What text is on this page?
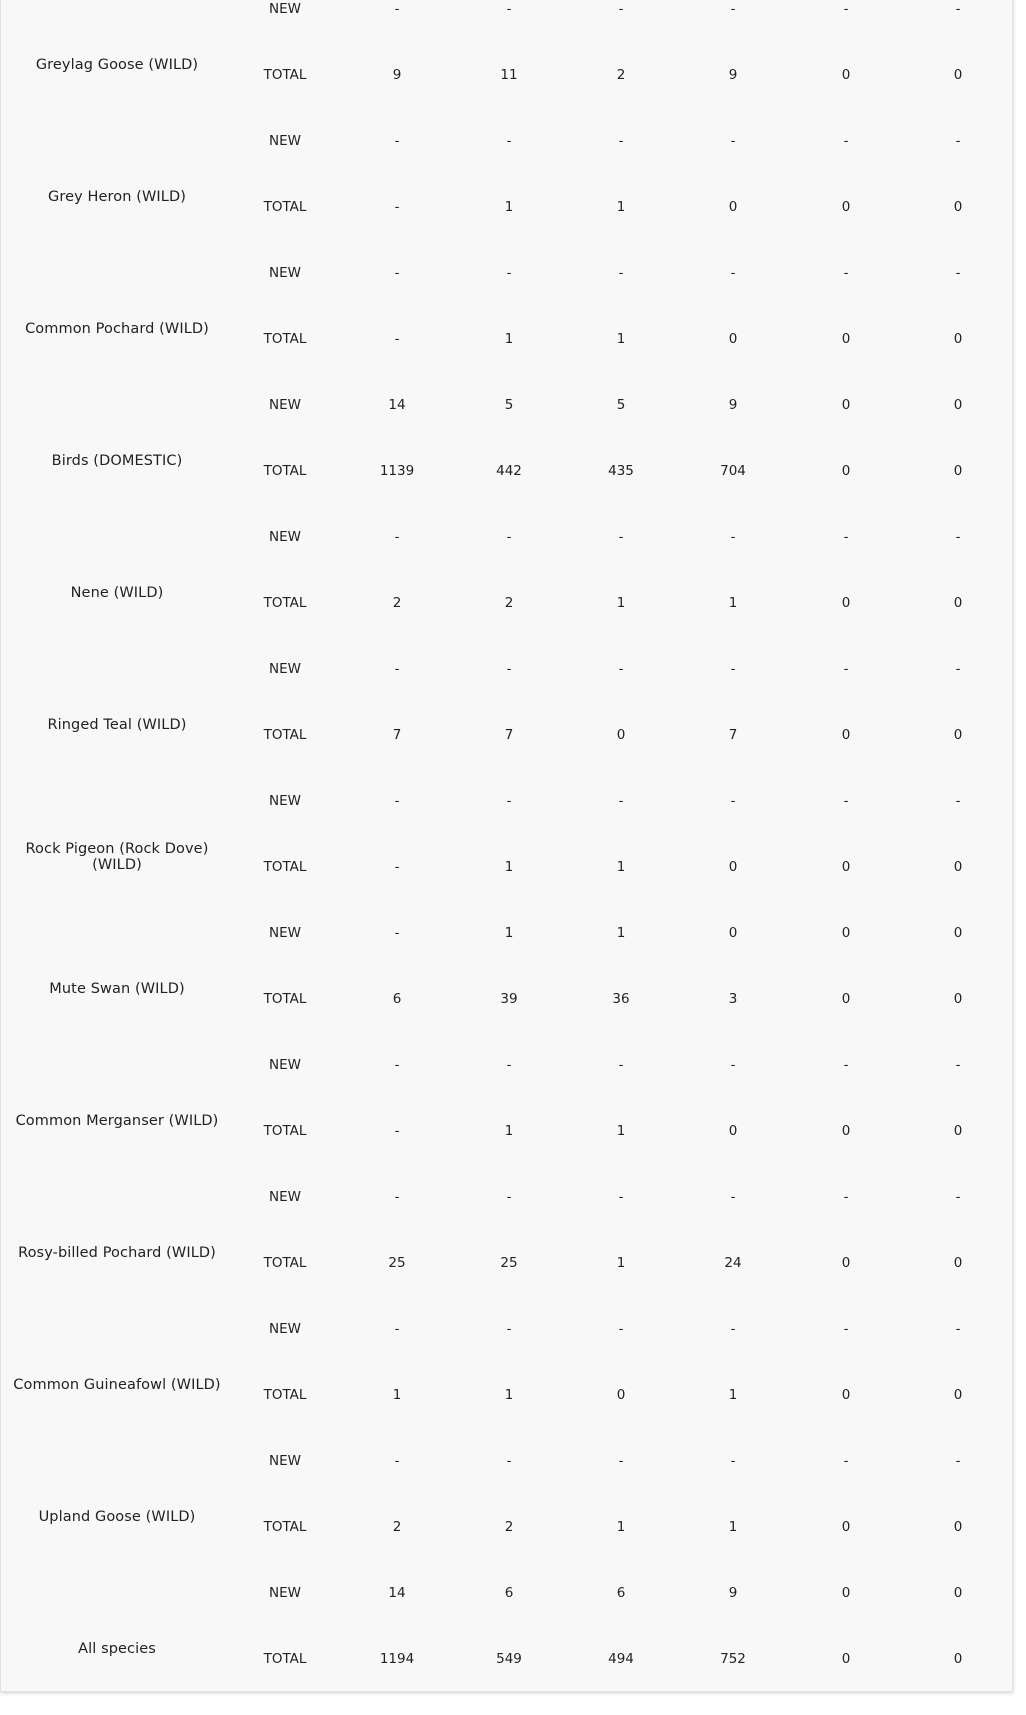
Greylag Goose (WILD)
NEW	-	-	-	-	-	-
TOTAL	9	11	2	9	0	0
Grey Heron (WILD)
NEW	-	-	-	-	-	-
TOTAL	-	1	1	0	0	0
Common Pochard (WILD)
NEW	-	-	-	-	-	-
TOTAL	-	1	1	0	0	0
Birds (DOMESTIC)
NEW	14	5	5	9	0	0
TOTAL	1139	442	435	704	0	0
Nene (WILD)
NEW	-	-	-	-	-	-
TOTAL	2	2	1	1	0	0
Ringed Teal (WILD)
NEW	-	-	-	-	-	-
TOTAL	7	7	0	7	0	0
Rock Pigeon (Rock Dove) (WILD)
NEW	-	-	-	-	-	-
TOTAL	-	1	1	0	0	0
Mute Swan (WILD)
NEW	-	1	1	0	0	0
TOTAL	6	39	36	3	0	0
Common Merganser (WILD)
NEW	-	-	-	-	-	-
TOTAL	-	1	1	0	0	0
Rosy-billed Pochard (WILD)
NEW	-	-	-	-	-	-
TOTAL	25	25	1	24	0	0
Common Guineafowl (WILD)
NEW	-	-	-	-	-	-
TOTAL	1	1	0	1	0	0
Upland Goose (WILD)
NEW	-	-	-	-	-	-
TOTAL	2	2	1	1	0	0
All species
NEW	14	6	6	9	0	0
TOTAL	1194	549	494	752	0	0
